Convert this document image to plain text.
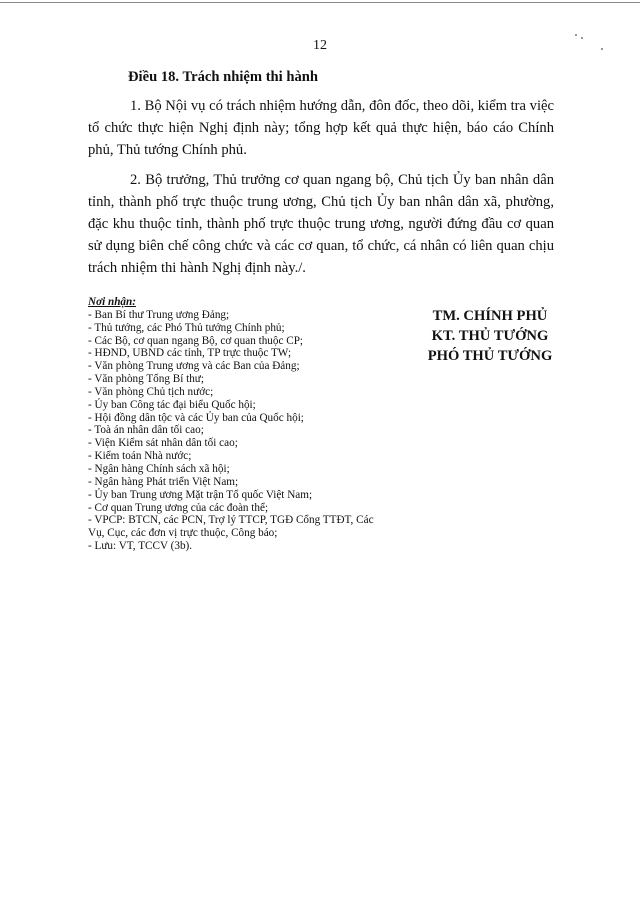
12

Điều 18. Trách nhiệm thi hành

1. Bộ Nội vụ có trách nhiệm hướng dẫn, đôn đốc, theo dõi, kiểm tra việc tổ chức thực hiện Nghị định này; tổng hợp kết quả thực hiện, báo cáo Chính phủ, Thủ tướng Chính phủ.

2. Bộ trưởng, Thủ trưởng cơ quan ngang bộ, Chủ tịch Ủy ban nhân dân tỉnh, thành phố trực thuộc trung ương, Chủ tịch Ủy ban nhân dân xã, phường, đặc khu thuộc tỉnh, thành phố trực thuộc trung ương, người đứng đầu cơ quan sử dụng biên chế công chức và các cơ quan, tổ chức, cá nhân có liên quan chịu trách nhiệm thi hành Nghị định này./.

Nơi nhận:

- Ban Bí thư Trung ương Đảng;
- Thủ tướng, các Phó Thủ tướng Chính phủ;
- Các Bộ, cơ quan ngang Bộ, cơ quan thuộc CP;
- HĐND, UBND các tỉnh, TP trực thuộc TW;
- Văn phòng Trung ương và các Ban của Đảng;
- Văn phòng Tổng Bí thư;
- Văn phòng Chủ tịch nước;
- Ủy ban Công tác đại biểu Quốc hội;
- Hội đồng dân tộc và các Ủy ban của Quốc hội;
- Toà án nhân dân tối cao;
- Viện Kiểm sát nhân dân tối cao;
- Kiểm toán Nhà nước;
- Ngân hàng Chính sách xã hội;
- Ngân hàng Phát triển Việt Nam;
- Ủy ban Trung ương Mặt trận Tổ quốc Việt Nam;
- Cơ quan Trung ương của các đoàn thể;
- VPCP: BTCN, các PCN, Trợ lý TTCP, TGĐ Cổng TTĐT, Các Vụ, Cục, các đơn vị trực thuộc, Công báo;
- Lưu: VT, TCCV (3b).
TM. CHÍNH PHỦ
KT. THỦ TƯỚNG
PHÓ THỦ TƯỚNG
